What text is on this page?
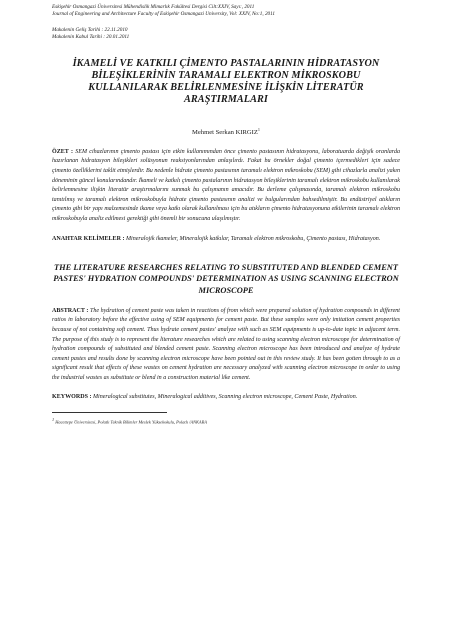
Eskişehir Osmangazi Üniversitesi Mühendislik Mimarlık Fakültesi Dergisi Cilt:XXIV, Sayı:, 2011
Journal of Engineering and Architecture Faculty of Eskişehir Osmangazi University, Vol: XXIV, No:1, 2011
Makalenin Geliş Tarihi : 22.11.2010
Makalenin Kabul Tarihi : 20.01.2011
İKAMELİ VE KATKILI ÇİMENTO PASTALARININ HİDRATASYON BİLEŞİKLERİNİN TARAMALI ELEKTRON MİKROSKOBU KULLANILARAK BELİRLENMESİNE İLİŞKİN LİTERATÜR ARAŞTIRMALARI
Mehmet Serkan KIRGIZ$^1$
ÖZET : SEM cihazlarının çimento pastası için etkin kullanımından önce çimento pastasının hidratasyonu, laboratuarda değişik oranlarda hazırlanan hidratasyon bileşikleri solüsyonun reaksiyonlarından anlaşılırdı. Fakat bu örnekler doğal çimento içermedikleri için sadece çimento özelliklerini taklit etmişlerdir. Bu nedenle hidrate çimento pastasının taramalı elektron mikroskobu (SEM) gibi cihazlarla analizi yakın döneminin güncel konularındandır. İkameli ve katkılı çimento pastalarının hidratasyon bileşiklerinin taramalı elektron mikroskobu kullanılarak belirlenmesine ilişkin literatür araştırmalarını sunmak bu çalışmanın amacıdır. Bu derleme çalışmasında, taramalı elektron mikroskobu tanıtılmış ve taramalı elektron mikroskobuyla hidrate çimento pastasının analizi ve bulgularından bahsedilmiştir. Bu endüstriyel atıkların çimento gibi bir yapı malzemesinde ikame veya katkı olarak kullanılması için bu atıkların çimento hidratasyonuna etkilerinin taramalı elektron mikroskobuyla analiz edilmesi gerektiği gibi önemli bir sonucuna ulaşılmıştır.
ANAHTAR KELİMELER : Mineralojik ikameler, Mineralojik katkılar, Taramalı elektron mikroskobu, Çimento pastası, Hidratasyon.
THE LITERATURE RESEARCHES RELATING TO SUBSTITUTED AND BLENDED CEMENT PASTES' HYDRATION COMPOUNDS' DETERMINATION AS USING SCANNING ELECTRON MICROSCOPE
ABSTRACT : The hydration of cement paste was taken in reactions of from which were prepared solution of hydration compounds in different ratios in laboratory before the effective using of SEM equipments for cement paste. But these samples were only imitation cement properties because of not containing soft cement. Thus hydrate cement pastes' analyze with such as SEM equipments is up-to-date topic in adjacent term. The purpose of this study is to represent the literature researches which are related to using scanning electron microscope for determination of hydration compounds of substituted and blended cement paste. Scanning electron microscope has been introduced and analyze of hydrate cement pastes and results done by scanning electron microscope have been pointed out in this review study. It has been gotten through to as a significant result that effects of these wastes on cement hydration are necessary analyzed with scanning electron microscope in order to using the industrial wastes as substitute or blend in a construction material like cement.
KEYWORDS : Mineralogical substitutes, Mineralogical additives, Scanning electron microscope, Cement Paste, Hydration.
$^1$ Hacettepe Üniversitesi, Polatlı Teknik Bilimler Meslek Yüksekokulu, Polatlı /ANKARA
